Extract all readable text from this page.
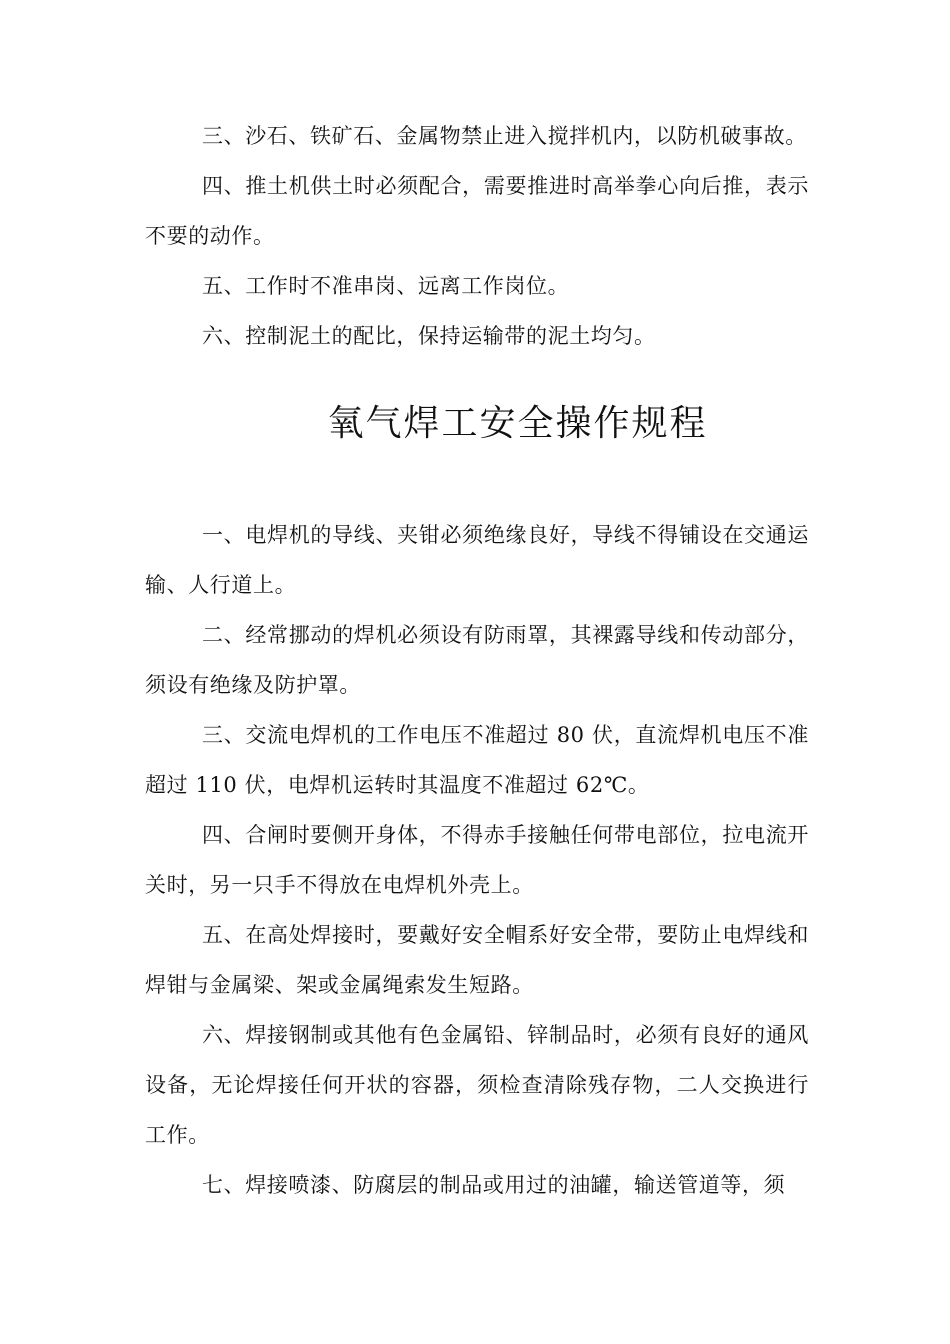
三、沙石、铁矿石、金属物禁止进入搅拌机内，以防机破事故。

四、推土机供土时必须配合，需要推进时高举拳心向后推，表示不要的动作。

五、工作时不准串岗、远离工作岗位。

六、控制泥土的配比，保持运输带的泥土均匀。

氧气焊工安全操作规程

一、电焊机的导线、夹钳必须绝缘良好，导线不得铺设在交通运输、人行道上。

二、经常挪动的焊机必须设有防雨罩，其裸露导线和传动部分，须设有绝缘及防护罩。

三、交流电焊机的工作电压不准超过 80 伏，直流焊机电压不准超过 110 伏，电焊机运转时其温度不准超过 62℃。

四、合闸时要侧开身体，不得赤手接触任何带电部位，拉电流开关时，另一只手不得放在电焊机外壳上。

五、在高处焊接时，要戴好安全帽系好安全带，要防止电焊线和焊钳与金属梁、架或金属绳索发生短路。

六、焊接钢制或其他有色金属铅、锌制品时，必须有良好的通风设备，无论焊接任何开状的容器，须检查清除残存物，二人交换进行工作。

七、焊接喷漆、防腐层的制品或用过的油罐，输送管道等，须
